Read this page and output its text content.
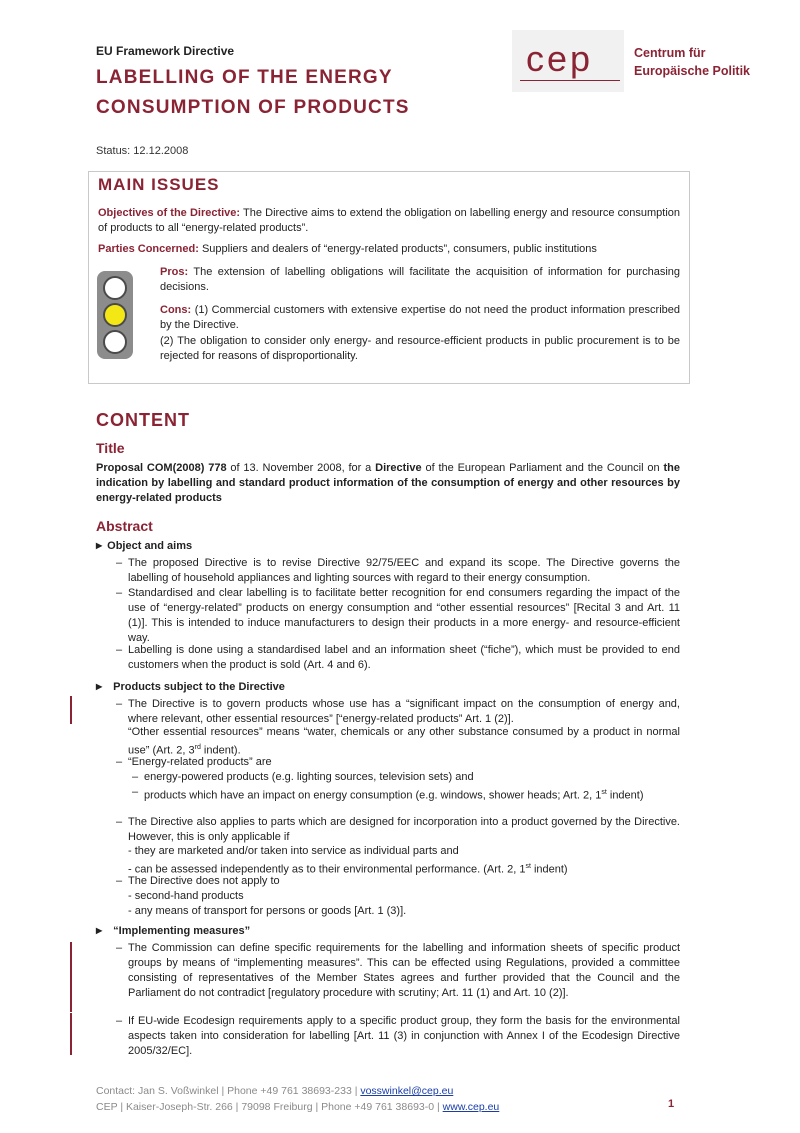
EU Framework Directive
LABELLING OF THE ENERGY
CONSUMPTION OF PRODUCTS
cep	Centrum für
Europäische Politik
Status: 12.12.2008
MAIN ISSUES
Objectives of the Directive: The Directive aims to extend the obligation on labelling energy and resource consumption of products to all “energy-related products”.
Parties Concerned: Suppliers and dealers of “energy-related products”, consumers, public institutions
Pros: The extension of labelling obligations will facilitate the acquisition of information for purchasing decisions.
Cons: (1) Commercial customers with extensive expertise do not need the product information prescribed by the Directive.
(2) The obligation to consider only energy- and resource-efficient products in public procurement is to be rejected for reasons of disproportionality.
CONTENT
Title
Proposal COM(2008) 778 of 13. November 2008, for a Directive of the European Parliament and the Council on the indication by labelling and standard product information of the consumption of energy and other resources by energy-related products
Abstract
▶ Object and aims
– The proposed Directive is to revise Directive 92/75/EEC and expand its scope. The Directive governs the labelling of household appliances and lighting sources with regard to their energy consumption.
– Standardised and clear labelling is to facilitate better recognition for end consumers regarding the impact of the use of “energy-related” products on energy consumption and “other essential resources” [Recital 3 and Art. 11 (1)]. This is intended to induce manufacturers to design their products in a more energy- and resource-efficient way.
– Labelling is done using a standardised label and an information sheet (“fiche”), which must be provided to end customers when the product is sold (Art. 4 and 6).
▶ Products subject to the Directive
– The Directive is to govern products whose use has a “significant impact on the consumption of energy and, where relevant, other essential resources” [“energy-related products” Art. 1 (2)].
“Other essential resources” means “water, chemicals or any other substance consumed by a product in normal use” (Art. 2, 3rd indent).
– “Energy-related products” are
– energy-powered products (e.g. lighting sources, television sets) and
– products which have an impact on energy consumption (e.g. windows, shower heads; Art. 2, 1st indent)
– The Directive also applies to parts which are designed for incorporation into a product governed by the Directive. However, this is only applicable if
- they are marketed and/or taken into service as individual parts and
- can be assessed independently as to their environmental performance. (Art. 2, 1st indent)
– The Directive does not apply to
- second-hand products
- any means of transport for persons or goods [Art. 1 (3)].
▶ “Implementing measures”
– The Commission can define specific requirements for the labelling and information sheets of specific product groups by means of “implementing measures”. This can be effected using Regulations, provided a committee consisting of representatives of the Member States agrees and further provided that the Council and the Parliament do not contradict [regulatory procedure with scrutiny; Art. 11 (1) and Art. 10 (2)].
– If EU-wide Ecodesign requirements apply to a specific product group, they form the basis for the environmental aspects taken into consideration for labelling [Art. 11 (3) in conjunction with Annex I of the Ecodesign Directive 2005/32/EC].
Contact: Jan S. Voßwinkel | Phone +49 761 38693-233 | vosswinkel@cep.eu
CEP | Kaiser-Joseph-Str. 266 | 79098 Freiburg | Phone +49 761 38693-0 | www.cep.eu	1
